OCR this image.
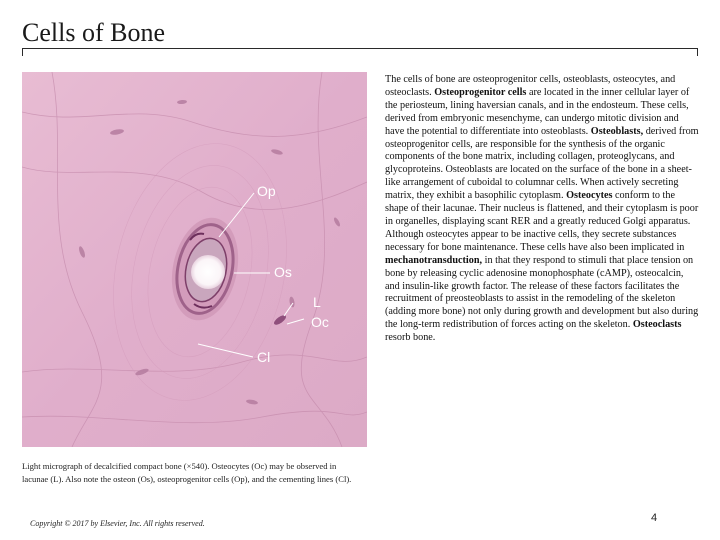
Cells of Bone
Op
Os
L
Oc
Cl
Light micrograph of decalcified compact bone (×540). Osteocytes (Oc) may be observed in lacunae (L). Also note the osteon (Os), osteoprogenitor cells (Op), and the cementing lines (Cl).
The cells of bone are osteoprogenitor cells, osteoblasts, osteocytes, and osteoclasts. Osteoprogenitor cells are located in the inner cellular layer of the periosteum, lining haversian canals, and in the endosteum. These cells, derived from embryonic mesenchyme, can undergo mitotic division and have the potential to differentiate into osteoblasts. Osteoblasts, derived from osteoprogenitor cells, are responsible for the synthesis of the organic components of the bone matrix, including collagen, proteoglycans, and glycoproteins. Osteoblasts are located on the surface of the bone in a sheet-like arrangement of cuboidal to columnar cells. When actively secreting matrix, they exhibit a basophilic cytoplasm. Osteocytes conform to the shape of their lacunae. Their nucleus is flattened, and their cytoplasm is poor in organelles, displaying scant RER and a greatly reduced Golgi apparatus. Although osteocytes appear to be inactive cells, they secrete substances necessary for bone maintenance. These cells have also been implicated in mechanotransduction, in that they respond to stimuli that place tension on bone by releasing cyclic adenosine monophosphate (cAMP), osteocalcin, and insulin-like growth factor. The release of these factors facilitates the recruitment of preosteoblasts to assist in the remodeling of the skeleton (adding more bone) not only during growth and development but also during the long-term redistribution of forces acting on the skeleton. Osteoclasts resorb bone.
Copyright © 2017 by Elsevier, Inc. All rights reserved.	4
